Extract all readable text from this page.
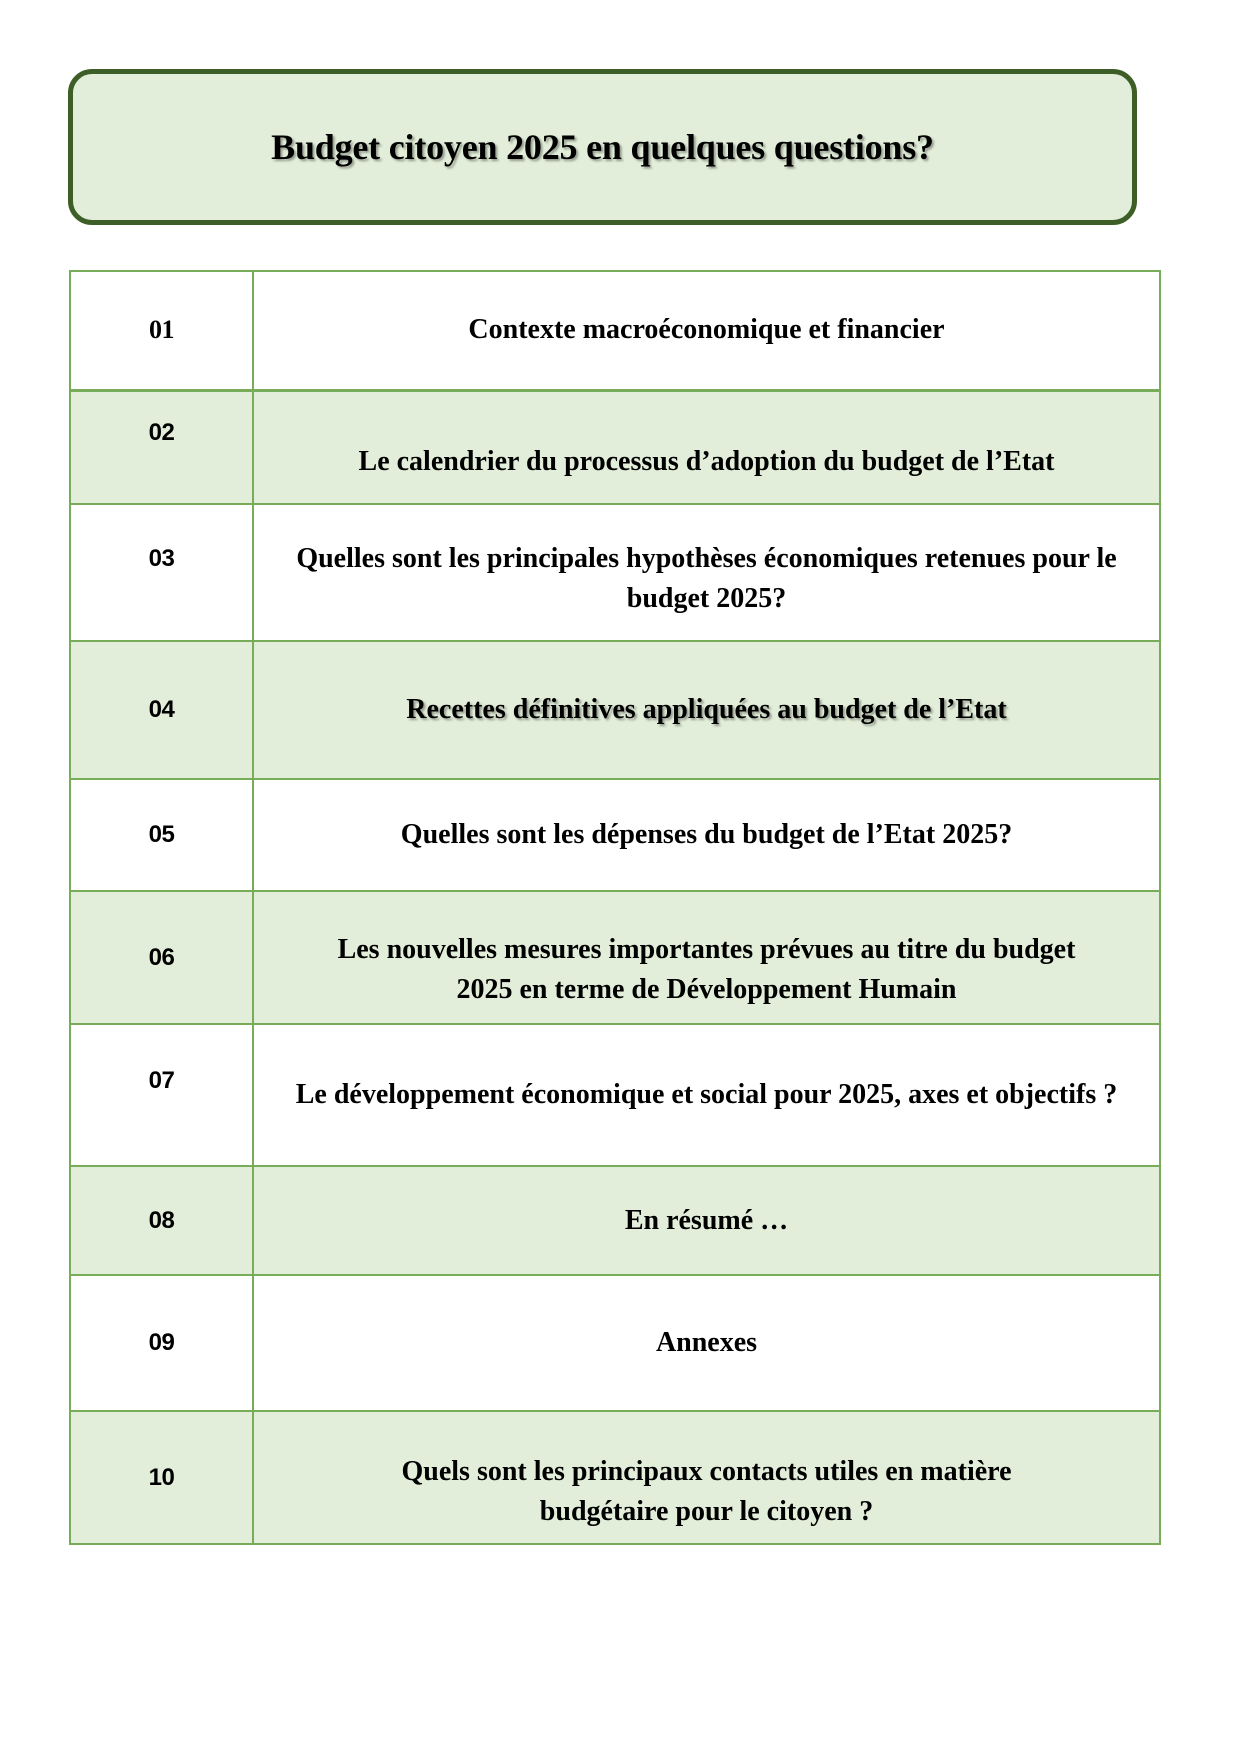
Budget citoyen 2025 en quelques questions?
01	Contexte macroéconomique et financier
02	Le calendrier du processus d’adoption du budget de l’Etat
03	Quelles sont les principales hypothèses économiques retenues pour le budget 2025?
04	Recettes définitives appliquées au budget de l’Etat
05	Quelles sont les dépenses du budget de l’Etat 2025?
06	Les nouvelles mesures importantes prévues au titre du budget 2025 en terme de Développement Humain
07	Le développement économique et social pour 2025, axes et objectifs ?
08	En résumé …
09	Annexes
10	Quels sont les principaux contacts utiles en matière budgétaire pour le citoyen ?
